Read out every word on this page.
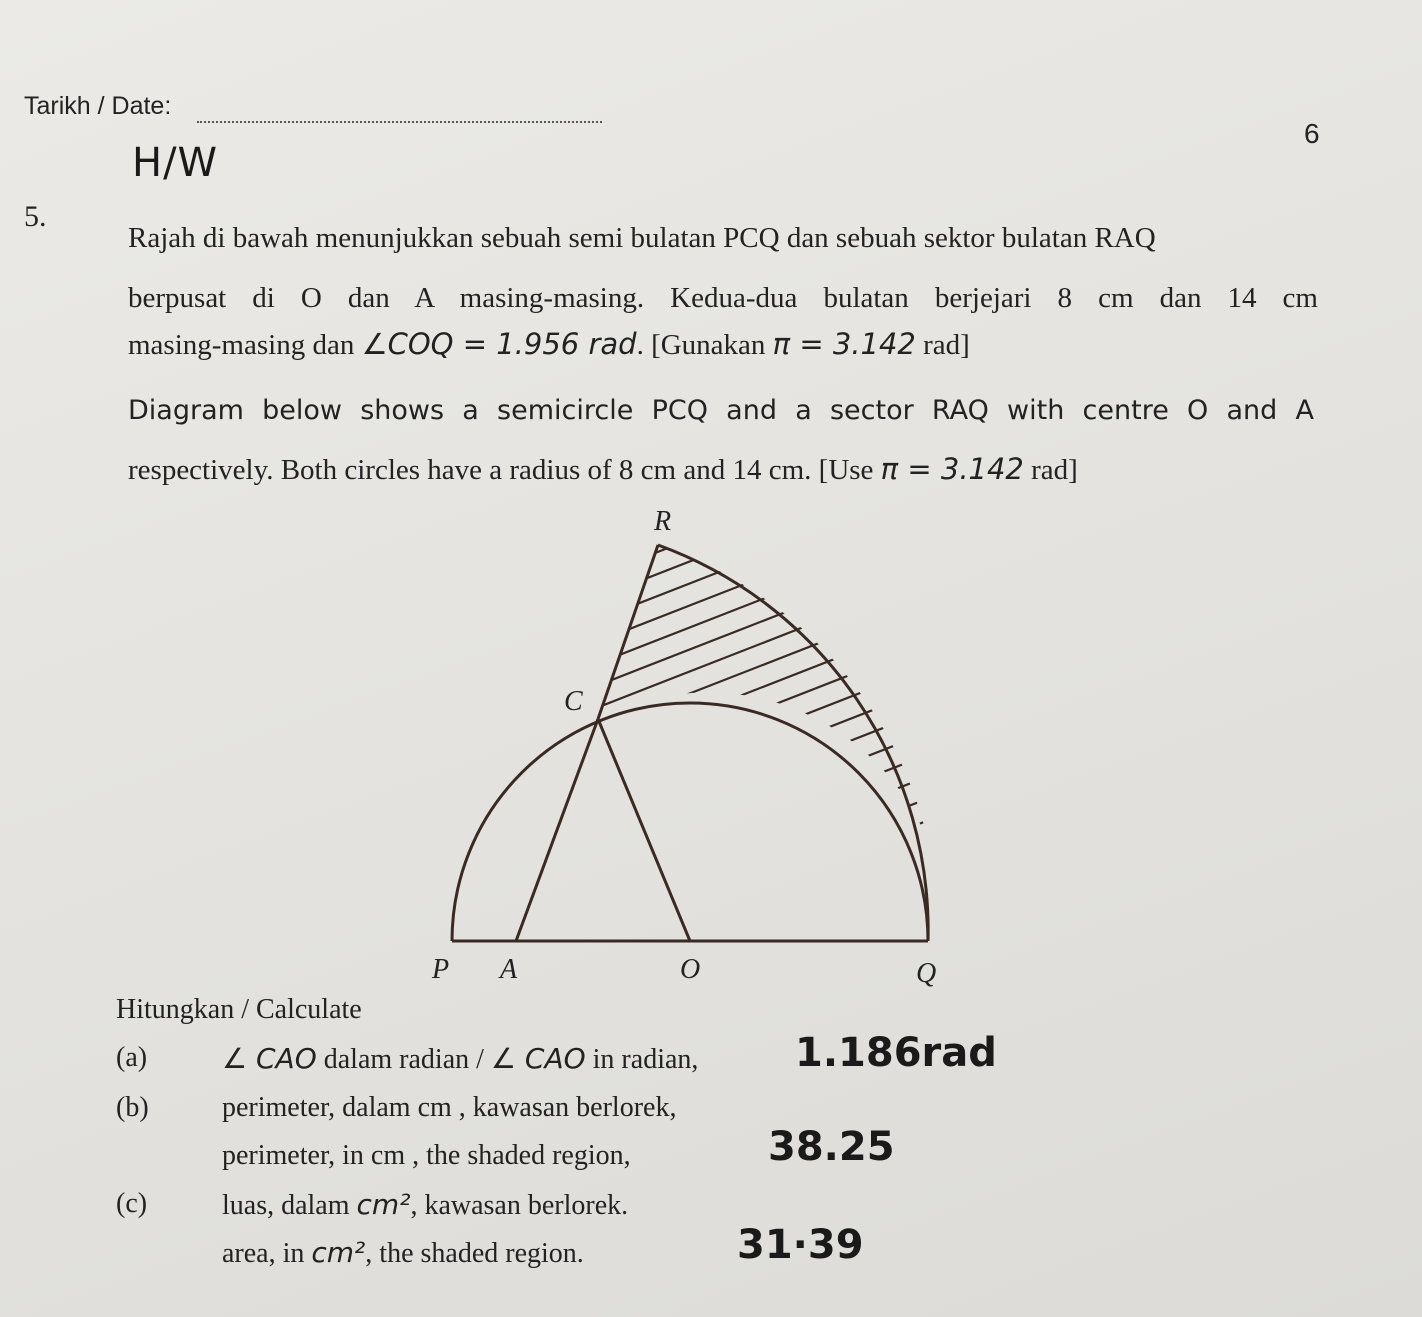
Tarikh / Date:
6
H/W
5.
Rajah di bawah menunjukkan sebuah semi bulatan PCQ dan sebuah sektor bulatan RAQ
berpusat di O dan A masing-masing. Kedua-dua bulatan berjejari 8 cm dan 14 cm
masing-masing dan ∠COQ = 1.956 rad. [Gunakan π = 3.142 rad]
Diagram below shows a semicircle PCQ and a sector RAQ with centre O and A
respectively. Both circles have a radius of 8 cm and 14 cm. [Use π = 3.142 rad]
R
C
P A	O	Q
Hitungkan / Calculate
(a)	∠ CAO dalam radian / ∠ CAO in radian, 1.186rad
(b)	perimeter, dalam cm , kawasan berlorek,
perimeter, in cm , the shaded region,	38.25
(c)	luas, dalam cm², kawasan berlorek.
area, in cm², the shaded region.	31·39
